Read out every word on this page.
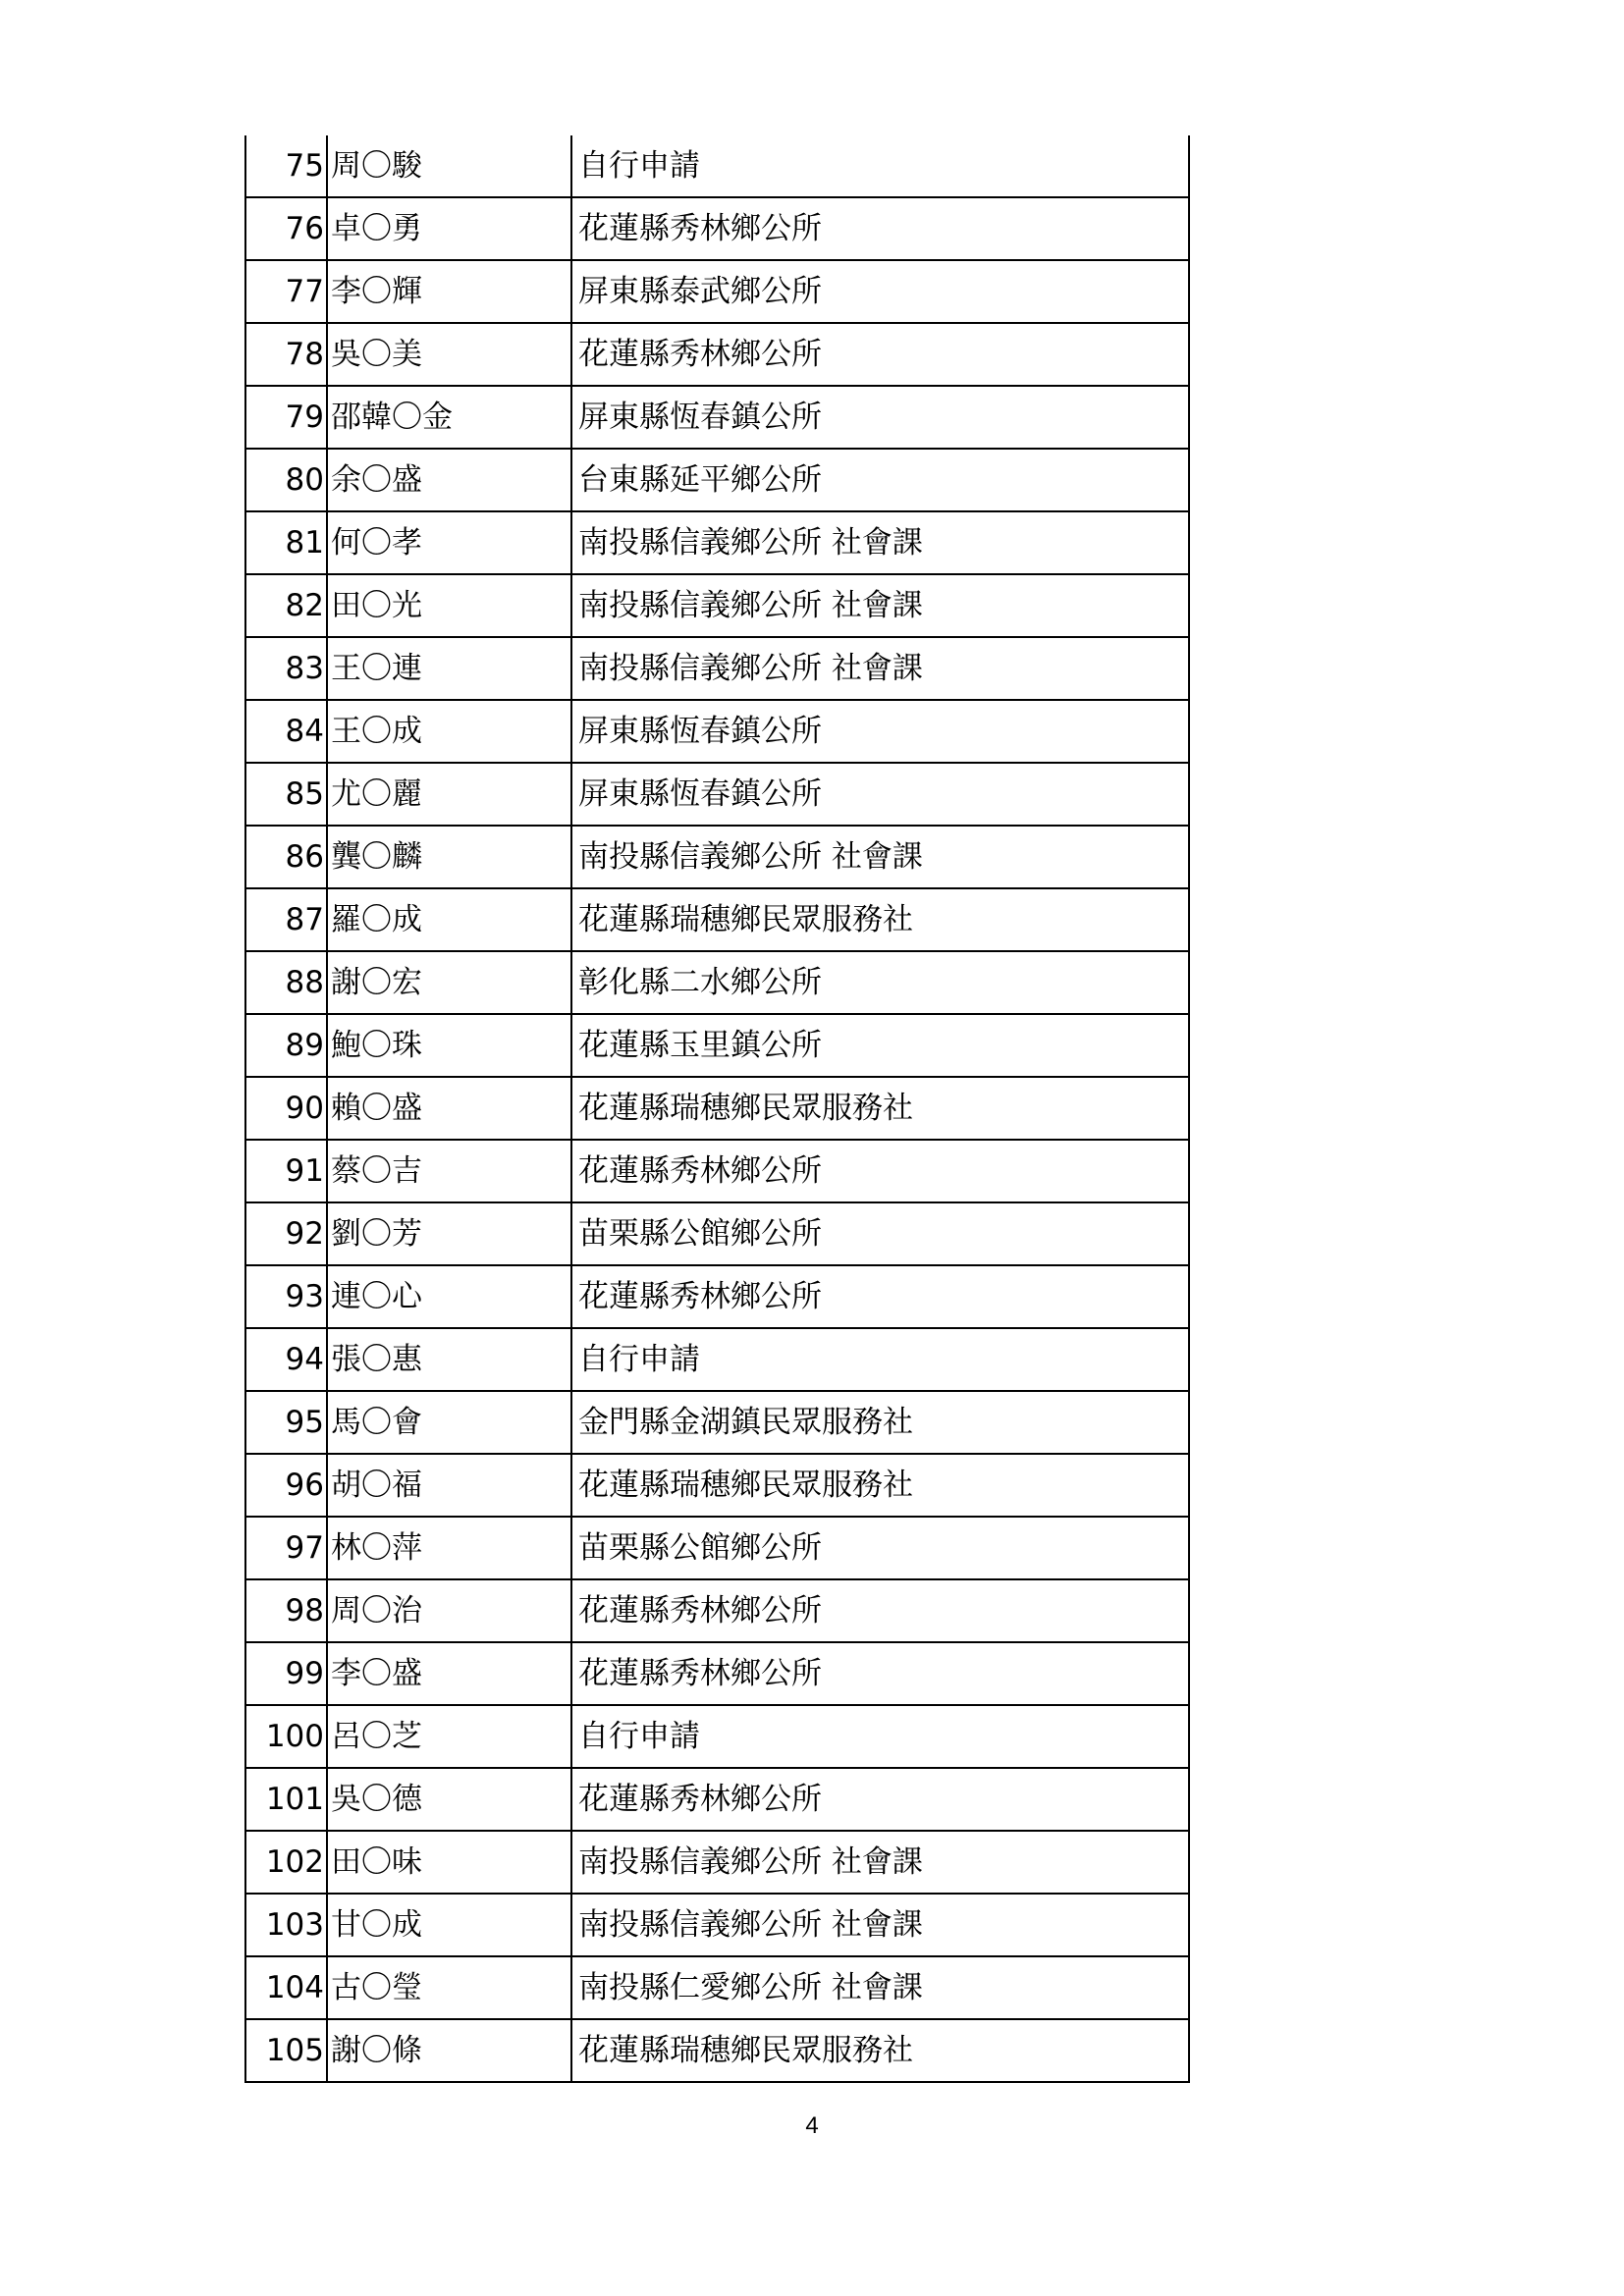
75	周〇駿	自行申請
76	卓〇勇	花蓮縣秀林鄉公所
77	李〇輝	屏東縣泰武鄉公所
78	吳〇美	花蓮縣秀林鄉公所
79	邵韓〇金	屏東縣恆春鎮公所
80	余〇盛	台東縣延平鄉公所
81	何〇孝	南投縣信義鄉公所 社會課
82	田〇光	南投縣信義鄉公所 社會課
83	王〇連	南投縣信義鄉公所 社會課
84	王〇成	屏東縣恆春鎮公所
85	尤〇麗	屏東縣恆春鎮公所
86	龔〇麟	南投縣信義鄉公所 社會課
87	羅〇成	花蓮縣瑞穗鄉民眾服務社
88	謝〇宏	彰化縣二水鄉公所
89	鮑〇珠	花蓮縣玉里鎮公所
90	賴〇盛	花蓮縣瑞穗鄉民眾服務社
91	蔡〇吉	花蓮縣秀林鄉公所
92	劉〇芳	苗栗縣公館鄉公所
93	連〇心	花蓮縣秀林鄉公所
94	張〇惠	自行申請
95	馬〇會	金門縣金湖鎮民眾服務社
96	胡〇福	花蓮縣瑞穗鄉民眾服務社
97	林〇萍	苗栗縣公館鄉公所
98	周〇治	花蓮縣秀林鄉公所
99	李〇盛	花蓮縣秀林鄉公所
100	呂〇芝	自行申請
101	吳〇德	花蓮縣秀林鄉公所
102	田〇味	南投縣信義鄉公所 社會課
103	甘〇成	南投縣信義鄉公所 社會課
104	古〇瑩	南投縣仁愛鄉公所 社會課
105	謝〇條	花蓮縣瑞穗鄉民眾服務社
4
